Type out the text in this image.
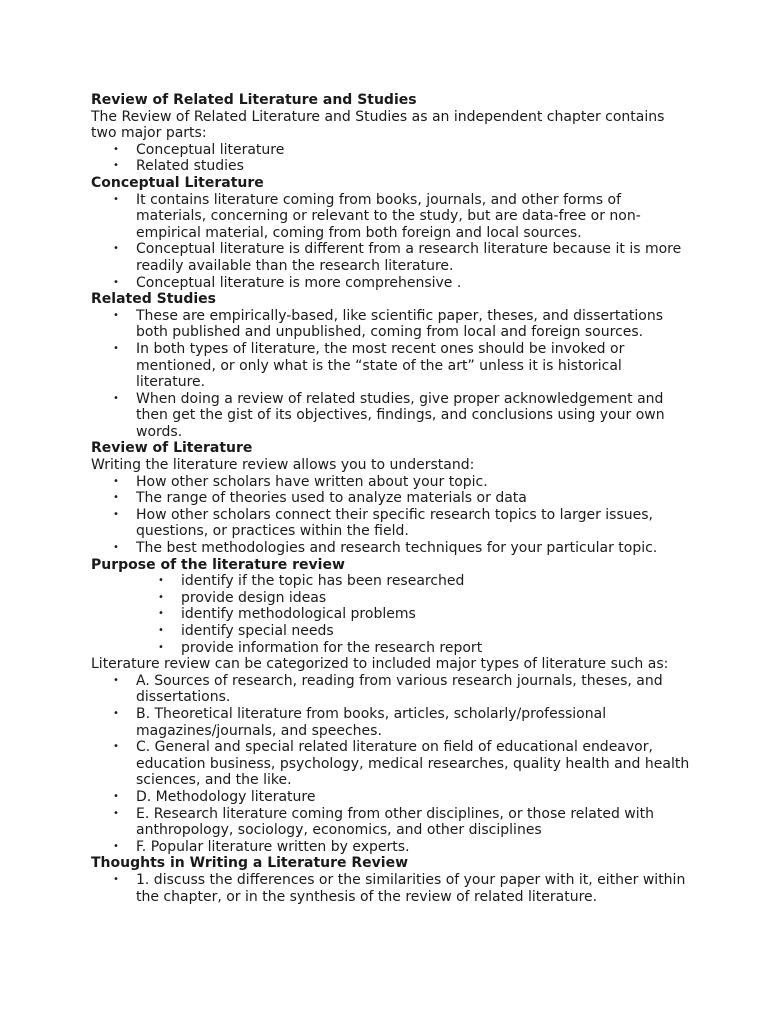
Review of Related Literature and Studies

The Review of Related Literature and Studies as an independent chapter contains two major parts:

• Conceptual literature
• Related studies
Conceptual Literature
• It contains literature coming from books, journals, and other forms of materials, concerning or relevant to the study, but are data-free or non-empirical material, coming from both foreign and local sources.
• Conceptual literature is different from a research literature because it is more readily available than the research literature.
• Conceptual literature is more comprehensive .
Related Studies
• These are empirically-based, like scientific paper, theses, and dissertations both published and unpublished, coming from local and foreign sources.
• In both types of literature, the most recent ones should be invoked or mentioned, or only what is the “state of the art” unless it is historical literature.
• When doing a review of related studies, give proper acknowledgement and then get the gist of its objectives, findings, and conclusions using your own words.
Review of Literature

Writing the literature review allows you to understand:

• How other scholars have written about your topic.
• The range of theories used to analyze materials or data
• How other scholars connect their specific research topics to larger issues, questions, or practices within the field.
• The best methodologies and research techniques for your particular topic.
Purpose of the literature review
• identify if the topic has been researched
• provide design ideas
• identify methodological problems
• identify special needs
• provide information for the research report

Literature review can be categorized to included major types of literature such as:

• A. Sources of research, reading from various research journals, theses, and dissertations.
• B. Theoretical literature from books, articles, scholarly/professional magazines/journals, and speeches.
• C. General and special related literature on field of educational endeavor, education business, psychology, medical researches, quality health and health sciences, and the like.
• D. Methodology literature
• E. Research literature coming from other disciplines, or those related with anthropology, sociology, economics, and other disciplines
• F. Popular literature written by experts.
Thoughts in Writing a Literature Review
• 1. discuss the differences or the similarities of your paper with it, either within the chapter, or in the synthesis of the review of related literature.
